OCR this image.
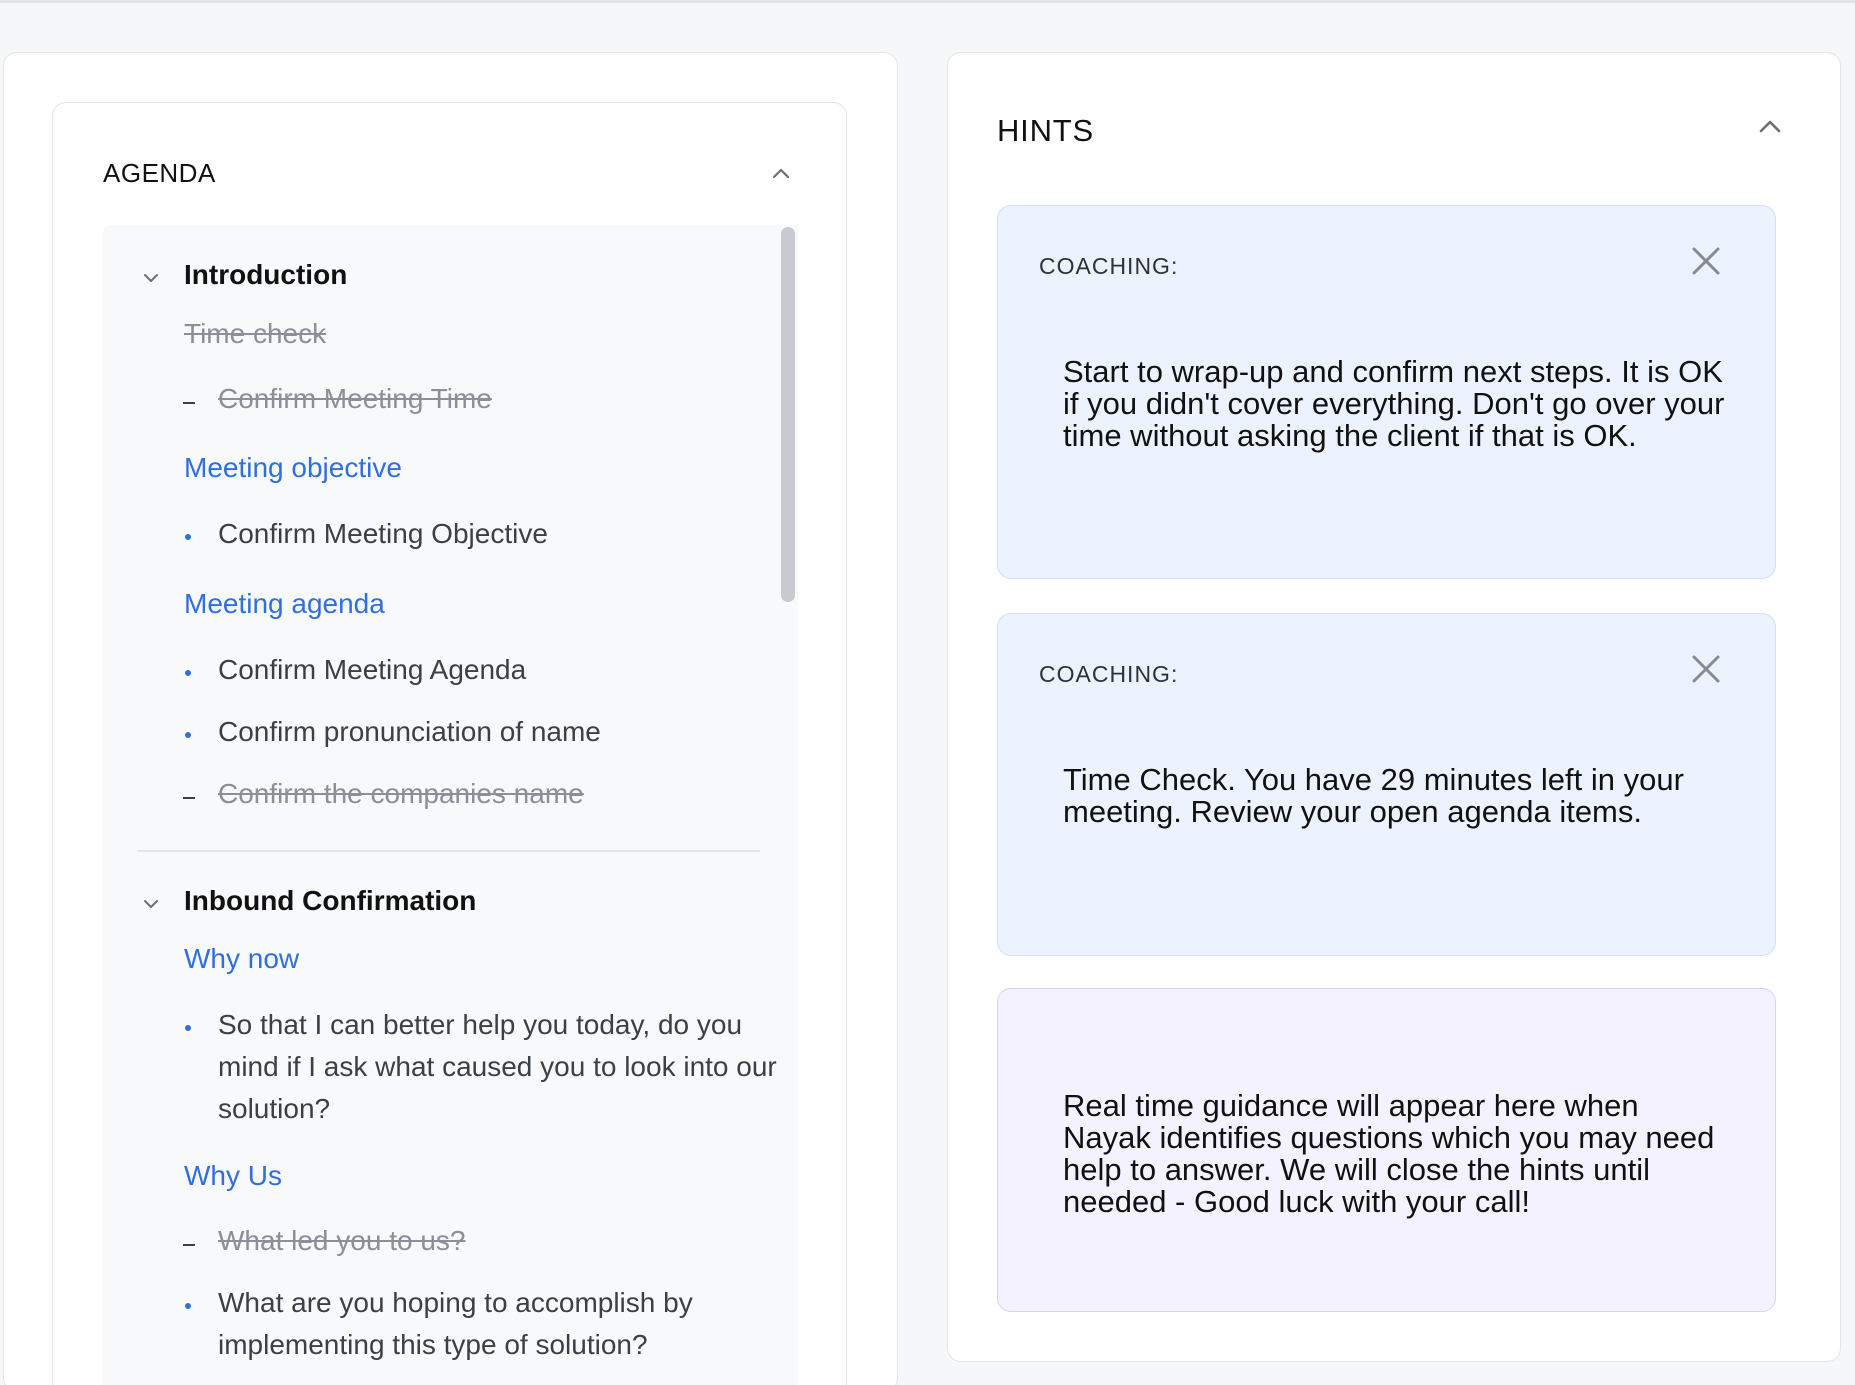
AGENDA
Introduction
Time check
Confirm Meeting Time
Meeting objective
Confirm Meeting Objective
Meeting agenda
Confirm Meeting Agenda
Confirm pronunciation of name
Confirm the companies name
Inbound Confirmation
Why now
So that I can better help you today, do you mind if I ask what caused you to look into our solution?
Why Us
What led you to us?
What are you hoping to accomplish by implementing this type of solution?
HINTS
COACHING:
Start to wrap-up and confirm next steps. It is OK if you didn't cover everything. Don't go over your time without asking the client if that is OK.
COACHING:
Time Check. You have 29 minutes left in your meeting. Review your open agenda items.
Real time guidance will appear here when Nayak identifies questions which you may need help to answer. We will close the hints until needed - Good luck with your call!
